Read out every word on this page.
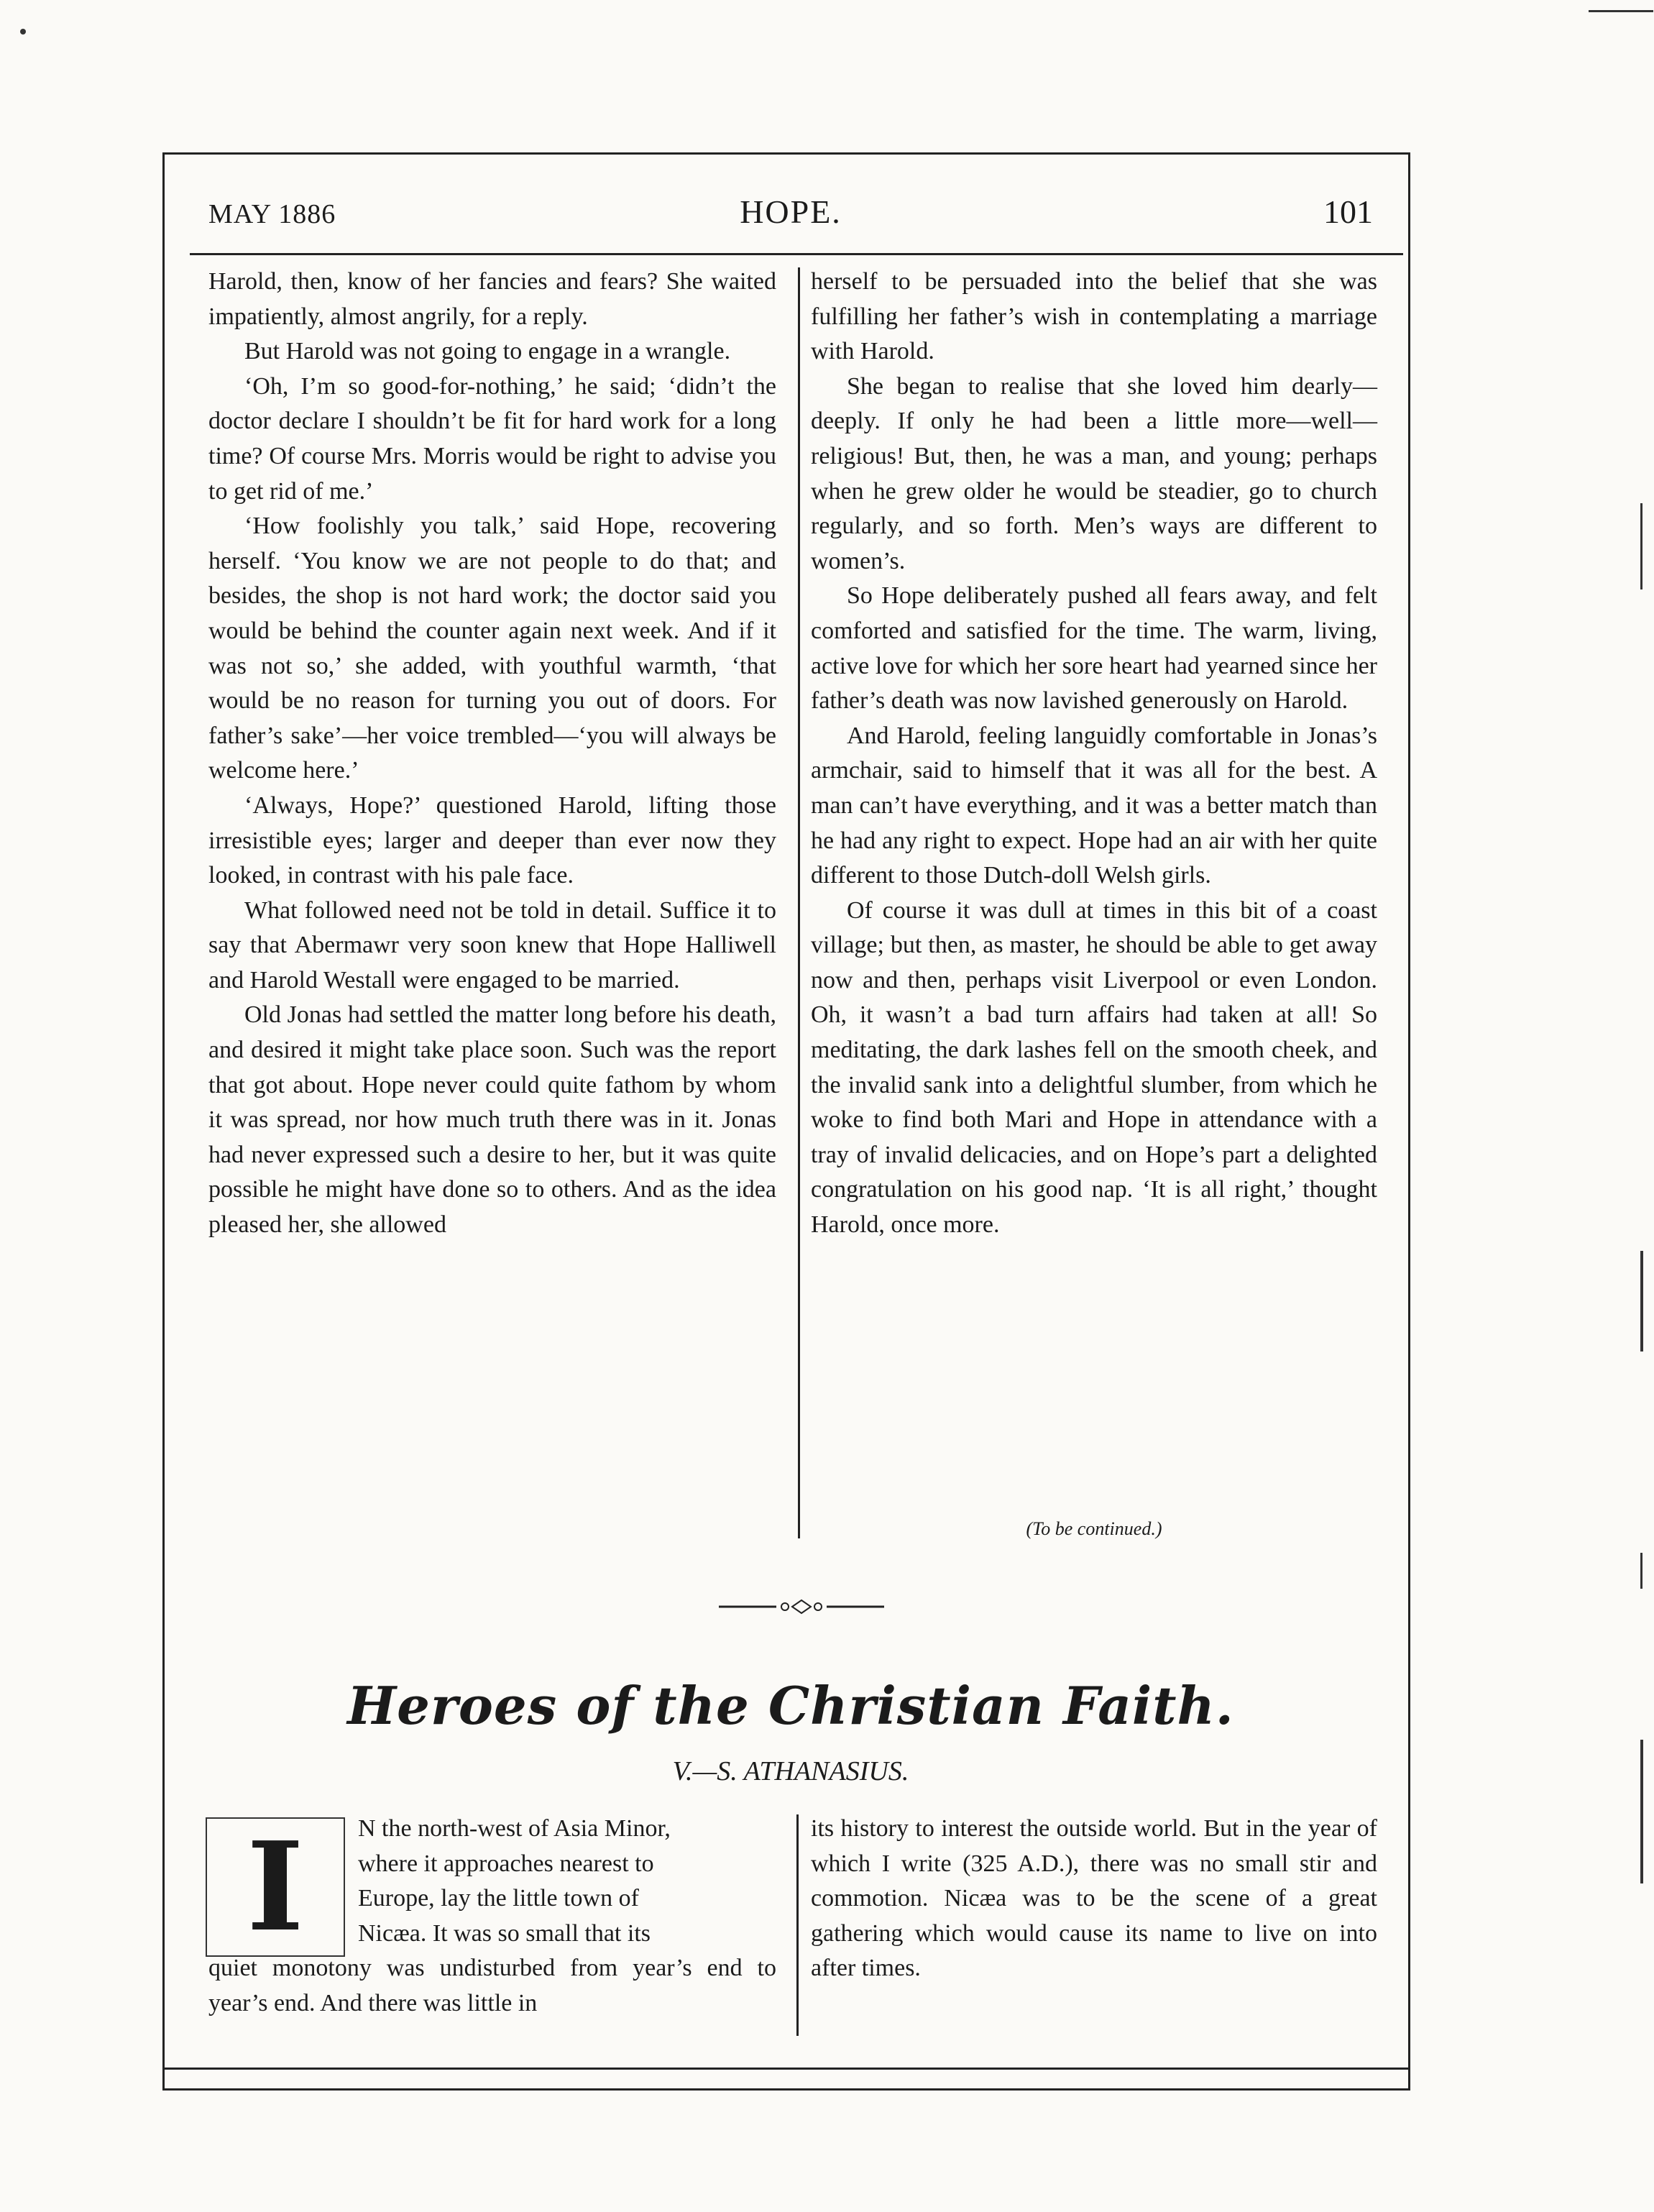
MAY 1886	HOPE.	101

Harold, then, know of her fancies and fears? She waited impatiently, almost angrily, for a reply.

But Harold was not going to engage in a wrangle.

‘Oh, I’m so good-for-nothing,’ he said; ‘didn’t the doctor declare I shouldn’t be fit for hard work for a long time? Of course Mrs. Morris would be right to advise you to get rid of me.’

‘How foolishly you talk,’ said Hope, recovering herself. ‘You know we are not people to do that; and besides, the shop is not hard work; the doctor said you would be behind the counter again next week. And if it was not so,’ she added, with youthful warmth, ‘that would be no reason for turning you out of doors. For father’s sake’—her voice trembled—‘you will always be welcome here.’

‘Always, Hope?’ questioned Harold, lifting those irresistible eyes; larger and deeper than ever now they looked, in contrast with his pale face.

What followed need not be told in detail. Suffice it to say that Abermawr very soon knew that Hope Halliwell and Harold Westall were engaged to be married.

Old Jonas had settled the matter long before his death, and desired it might take place soon. Such was the report that got about. Hope never could quite fathom by whom it was spread, nor how much truth there was in it. Jonas had never expressed such a desire to her, but it was quite possible he might have done so to others. And as the idea pleased her, she allowed

herself to be persuaded into the belief that she was fulfilling her father’s wish in contemplating a marriage with Harold.

She began to realise that she loved him dearly—deeply. If only he had been a little more—well—religious! But, then, he was a man, and young; perhaps when he grew older he would be steadier, go to church regularly, and so forth. Men’s ways are different to women’s.

So Hope deliberately pushed all fears away, and felt comforted and satisfied for the time. The warm, living, active love for which her sore heart had yearned since her father’s death was now lavished generously on Harold.

And Harold, feeling languidly comfortable in Jonas’s armchair, said to himself that it was all for the best. A man can’t have everything, and it was a better match than he had any right to expect. Hope had an air with her quite different to those Dutch-doll Welsh girls.

Of course it was dull at times in this bit of a coast village; but then, as master, he should be able to get away now and then, perhaps visit Liverpool or even London. Oh, it wasn’t a bad turn affairs had taken at all! So meditating, the dark lashes fell on the smooth cheek, and the invalid sank into a delightful slumber, from which he woke to find both Mari and Hope in attendance with a tray of invalid delicacies, and on Hope’s part a delighted congratulation on his good nap. ‘It is all right,’ thought Harold, once more.

(To be continued.)
Heroes of the Christian Faith.
V.—S. ATHANASIUS.
I	N the north-west of Asia Minor,
where it approaches nearest to
Europe, lay the little town of
Nicæa. It was so small that its

quiet monotony was undisturbed from year’s end to year’s end. And there was little in

its history to interest the outside world. But in the year of which I write (325 A.D.), there was no small stir and commotion. Nicæa was to be the scene of a great gathering which would cause its name to live on into after times.
